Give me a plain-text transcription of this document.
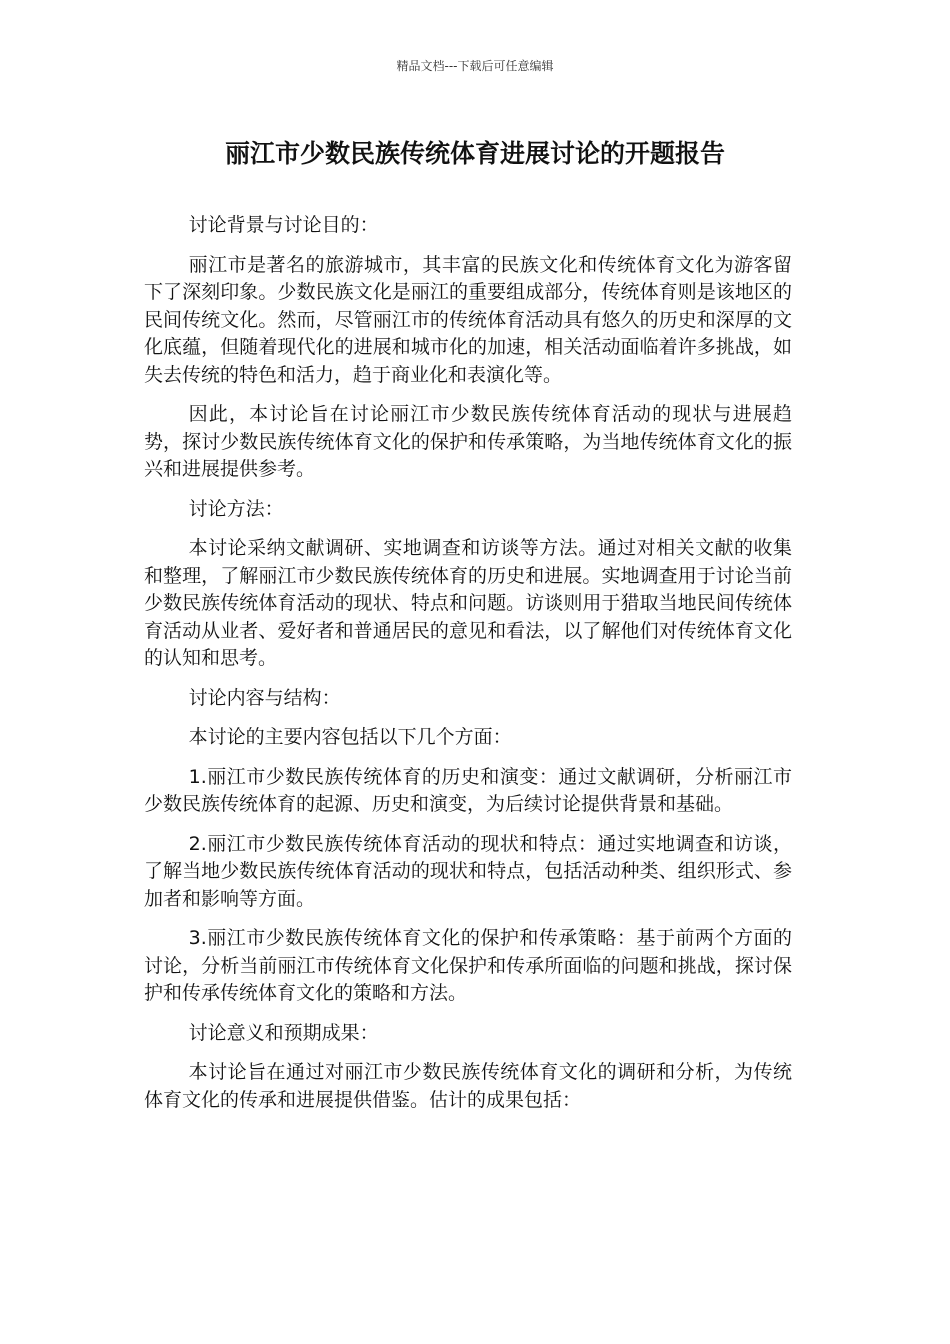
精品文档---下载后可任意编辑
丽江市少数民族传统体育进展讨论的开题报告

讨论背景与讨论目的：

丽江市是著名的旅游城市，其丰富的民族文化和传统体育文化为游客留下了深刻印象。少数民族文化是丽江的重要组成部分，传统体育则是该地区的民间传统文化。然而，尽管丽江市的传统体育活动具有悠久的历史和深厚的文化底蕴，但随着现代化的进展和城市化的加速，相关活动面临着许多挑战，如失去传统的特色和活力，趋于商业化和表演化等。

因此，本讨论旨在讨论丽江市少数民族传统体育活动的现状与进展趋势，探讨少数民族传统体育文化的保护和传承策略，为当地传统体育文化的振兴和进展提供参考。

讨论方法：

本讨论采纳文献调研、实地调查和访谈等方法。通过对相关文献的收集和整理，了解丽江市少数民族传统体育的历史和进展。实地调查用于讨论当前少数民族传统体育活动的现状、特点和问题。访谈则用于猎取当地民间传统体育活动从业者、爱好者和普通居民的意见和看法，以了解他们对传统体育文化的认知和思考。

讨论内容与结构：

本讨论的主要内容包括以下几个方面：

1.丽江市少数民族传统体育的历史和演变：通过文献调研，分析丽江市少数民族传统体育的起源、历史和演变，为后续讨论提供背景和基础。

2.丽江市少数民族传统体育活动的现状和特点：通过实地调查和访谈，了解当地少数民族传统体育活动的现状和特点，包括活动种类、组织形式、参加者和影响等方面。

3.丽江市少数民族传统体育文化的保护和传承策略：基于前两个方面的讨论，分析当前丽江市传统体育文化保护和传承所面临的问题和挑战，探讨保护和传承传统体育文化的策略和方法。

讨论意义和预期成果：

本讨论旨在通过对丽江市少数民族传统体育文化的调研和分析，为传统体育文化的传承和进展提供借鉴。估计的成果包括：
